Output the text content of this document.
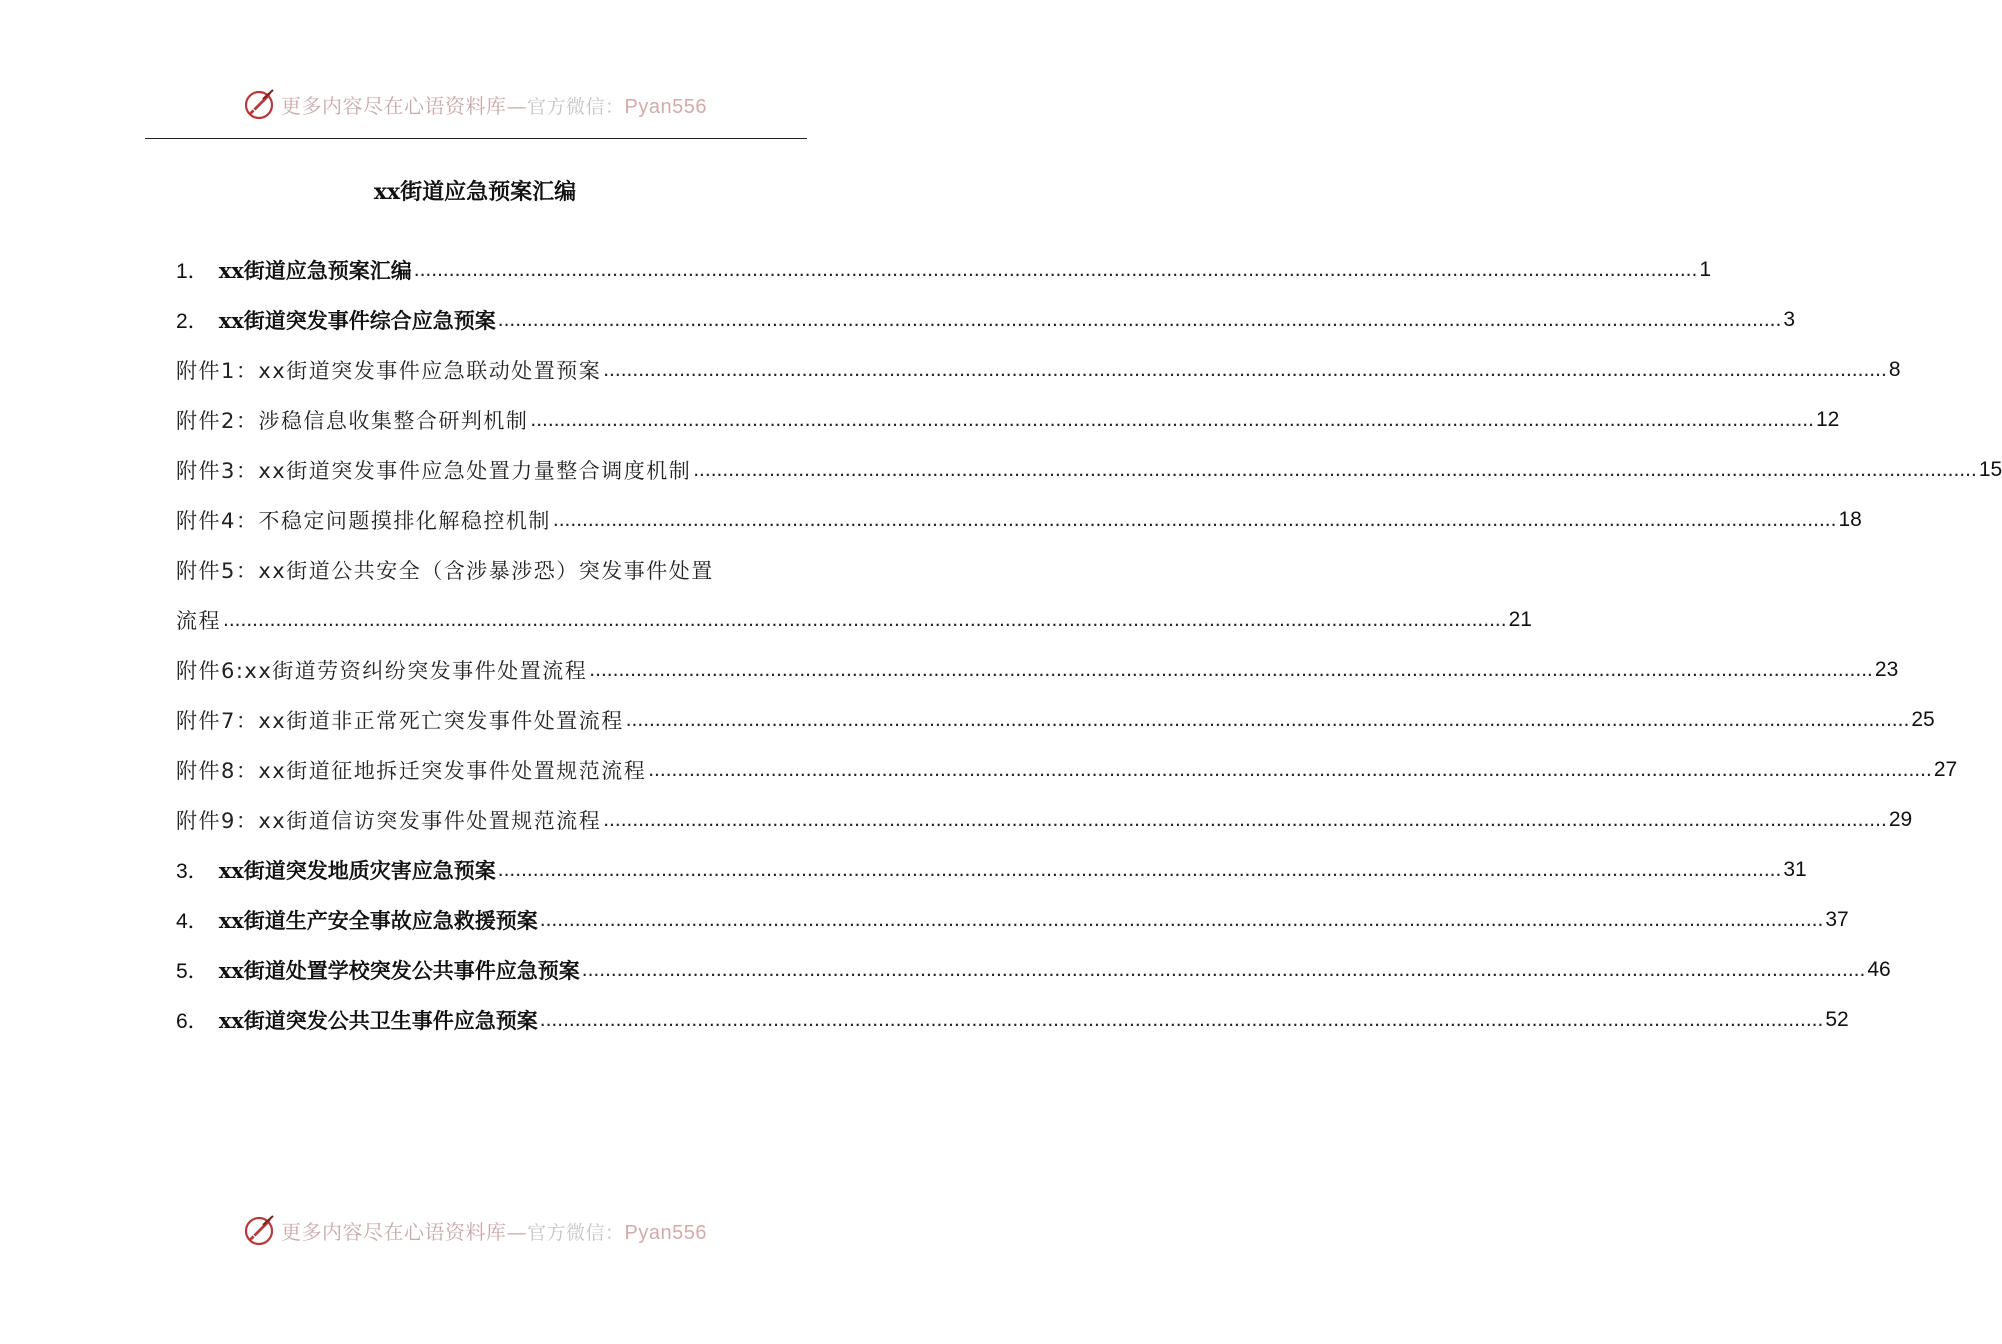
更多内容尽在心语资料库—官方微信：Pyan556
xx街道应急预案汇编
1． xx街道应急预案汇编 ............................................................................................................................................................................................................................ 1
2． xx街道突发事件综合应急预案 ............................................................................................................................................................................................................................ 3
附件1：xx街道突发事件应急联动处置预案 ............................................................................................................................................................................................................................ 8
附件2：涉稳信息收集整合研判机制 ............................................................................................................................................................................................................................ 12
附件3：xx街道突发事件应急处置力量整合调度机制 ............................................................................................................................................................................................................................ 15
附件4：不稳定问题摸排化解稳控机制 ............................................................................................................................................................................................................................ 18
附件5：xx街道公共安全（含涉暴涉恐）突发事件处置
流程 ............................................................................................................................................................................................................................ 21
附件6:xx街道劳资纠纷突发事件处置流程 ............................................................................................................................................................................................................................ 23
附件7：xx街道非正常死亡突发事件处置流程 ............................................................................................................................................................................................................................ 25
附件8：xx街道征地拆迁突发事件处置规范流程 ............................................................................................................................................................................................................................ 27
附件9：xx街道信访突发事件处置规范流程 ............................................................................................................................................................................................................................ 29
3． xx街道突发地质灾害应急预案 ............................................................................................................................................................................................................................ 31
4． xx街道生产安全事故应急救援预案 ............................................................................................................................................................................................................................ 37
5． xx街道处置学校突发公共事件应急预案 ............................................................................................................................................................................................................................ 46
6． xx街道突发公共卫生事件应急预案 ............................................................................................................................................................................................................................ 52
更多内容尽在心语资料库—官方微信：Pyan556
